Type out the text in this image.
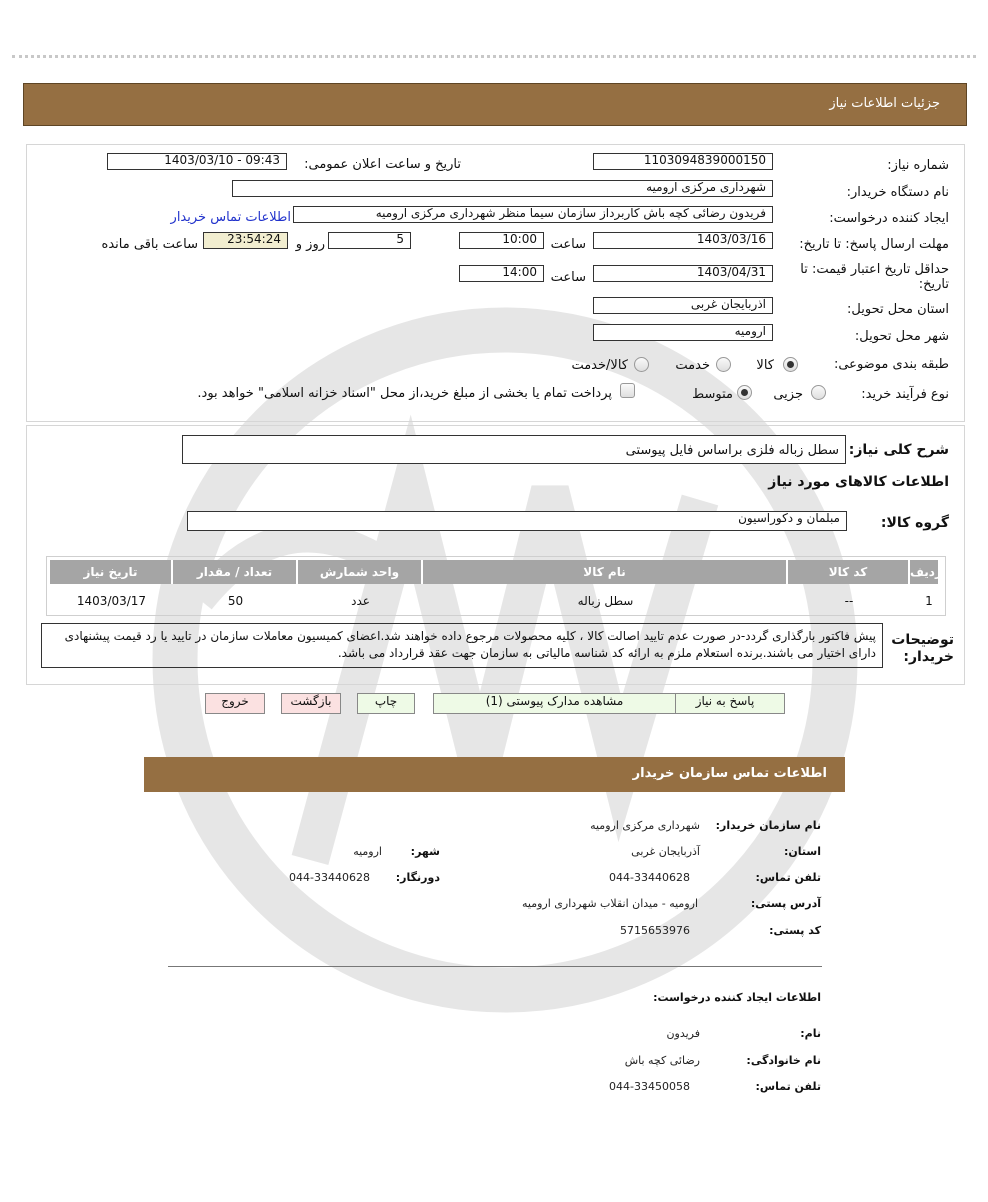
جزئیات اطلاعات نیاز
شماره نیاز:
1103094839000150
تاریخ و ساعت اعلان عمومی:
1403/03/10 - 09:43
نام دستگاه خریدار:
شهرداری مرکزی ارومیه
ایجاد کننده درخواست:
فریدون رضائی کچه باش کاربرداز سازمان سیما منظر شهرداری مرکزی ارومیه
اطلاعات تماس خریدار
مهلت ارسال پاسخ: تا تاریخ:
1403/03/16
ساعت
10:00
5
روز و
23:54:24
ساعت باقی مانده
حداقل تاریخ اعتبار قیمت: تا تاریخ:
1403/04/31
ساعت
14:00
استان محل تحویل:
آذربایجان غربی
شهر محل تحویل:
ارومیه
طبقه بندی موضوعی:
کالا
خدمت
کالا/خدمت
نوع فرآیند خرید:
جزیی
متوسط
پرداخت تمام یا بخشی از مبلغ خرید،از محل "اسناد خزانه اسلامی" خواهد بود.
شرح کلی نیاز:
سطل زباله فلزی براساس فایل پیوستی
اطلاعات کالاهای مورد نیاز
گروه کالا:
مبلمان و دکوراسیون
ردیف
کد کالا
نام کالا
واحد شمارش
تعداد / مقدار
تاریخ نیاز
1
--
سطل زباله
عدد
50
1403/03/17
توضیحات خریدار:
پیش فاکتور بارگذاری گردد-در صورت عدم تایید اصالت کالا ، کلیه محصولات مرجوع داده خواهند شد.اعضای کمیسیون معاملات سازمان در تایید یا رد قیمت پیشنهادی دارای اختیار می باشند.برنده استعلام ملزم به ارائه کد شناسه مالیاتی به سازمان جهت عقد قرارداد می باشد.
پاسخ به نیاز
مشاهده مدارک پیوستی (1)
چاپ
بازگشت
خروج
اطلاعات تماس سازمان خریدار
نام سازمان خریدار:
شهرداری مرکزی ارومیه
استان:
آذربایجان غربی
شهر:
ارومیه
تلفن تماس:
044-33440628
دورنگار:
044-33440628
آدرس پستی:
ارومیه - میدان انقلاب شهرداری ارومیه
کد پستی:
5715653976
اطلاعات ایجاد کننده درخواست:
نام:
فریدون
نام خانوادگی:
رضائی کچه باش
تلفن تماس:
044-33450058
